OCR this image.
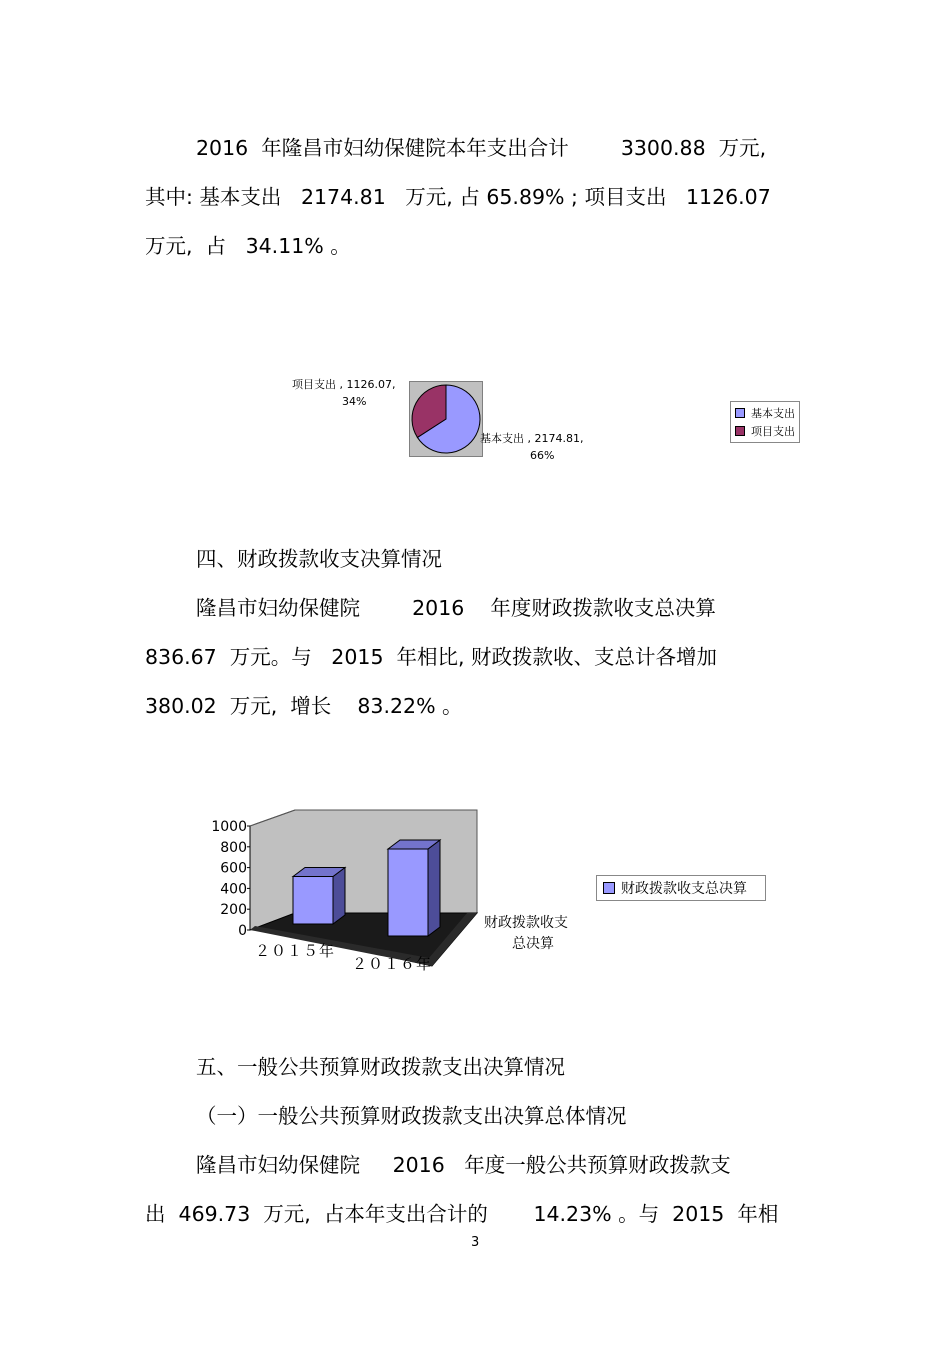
2016  年隆昌市妇幼保健院本年支出合计        3300.88  万元,
其中: 基本支出   2174.81   万元, 占 65.89% ; 项目支出   1126.07
万元,  占   34.11% 。
项目支出 , 1126.07,
34%
基本支出 , 2174.81,
66%
基本支出
项目支出
四、财政拨款收支决算情况
隆昌市妇幼保健院        2016    年度财政拨款收支总决算
836.67  万元。与   2015  年相比, 财政拨款收、支总计各增加
380.02  万元,  增长    83.22% 。
1000
800
600
400
200
0
２０１５年
２０１６年
财政拨款收支
总决算
财政拨款收支总决算
五、一般公共预算财政拨款支出决算情况
（一）一般公共预算财政拨款支出决算总体情况
隆昌市妇幼保健院     2016   年度一般公共预算财政拨款支
出  469.73  万元,  占本年支出合计的       14.23% 。与  2015  年相
3
